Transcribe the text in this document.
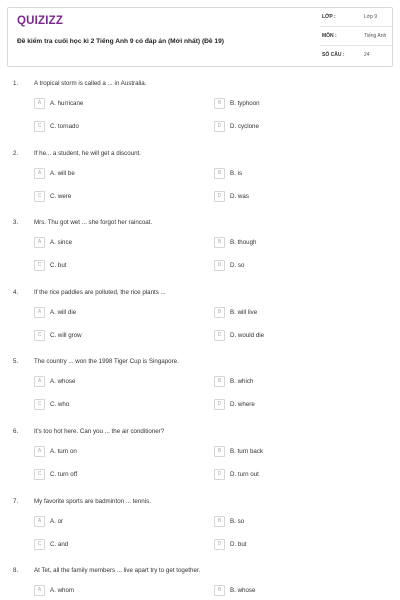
QUIZIZZ
Đề kiểm tra cuối học kì 2 Tiếng Anh 9 có đáp án (Mới nhất) (Đề 19)
LỚP :	Lớp 9
MÔN :	Tiếng Anh
SỐ CÂU :	24
1.	A tropical storm is called a ... in Australia.
A	A. hurricane	B	B. typhoon
C	C. tornado	D	D. cyclone
2.	If he... a student, he will get a discount.
A	A. will be	B	B. is
C	C. were	D	D. was
3.	Mrs. Thu got wet ... she forgot her raincoat.
A	A. since	B	B. though
C	C. but	D	D. so
4.	If the rice paddies are polluted, the rice plants ...
A	A. will die	B	B. will live
C	C. will grow	D	D. would die
5.	The country ... won the 1998 Tiger Cup is Singapore.
A	A. whose	B	B. which
C	C. who	D	D. where
6.	It's too hot here. Can you ... the air conditioner?
A	A. turn on	B	B. turn back
C	C. turn off	D	D. turn out
7.	My favorite sports are badminton ... tennis.
A	A. or	B	B. so
C	C. and	D	D. but
8.	At Tet, all the family members ... live apart try to get together.
A	A. whom	B	B. whose
